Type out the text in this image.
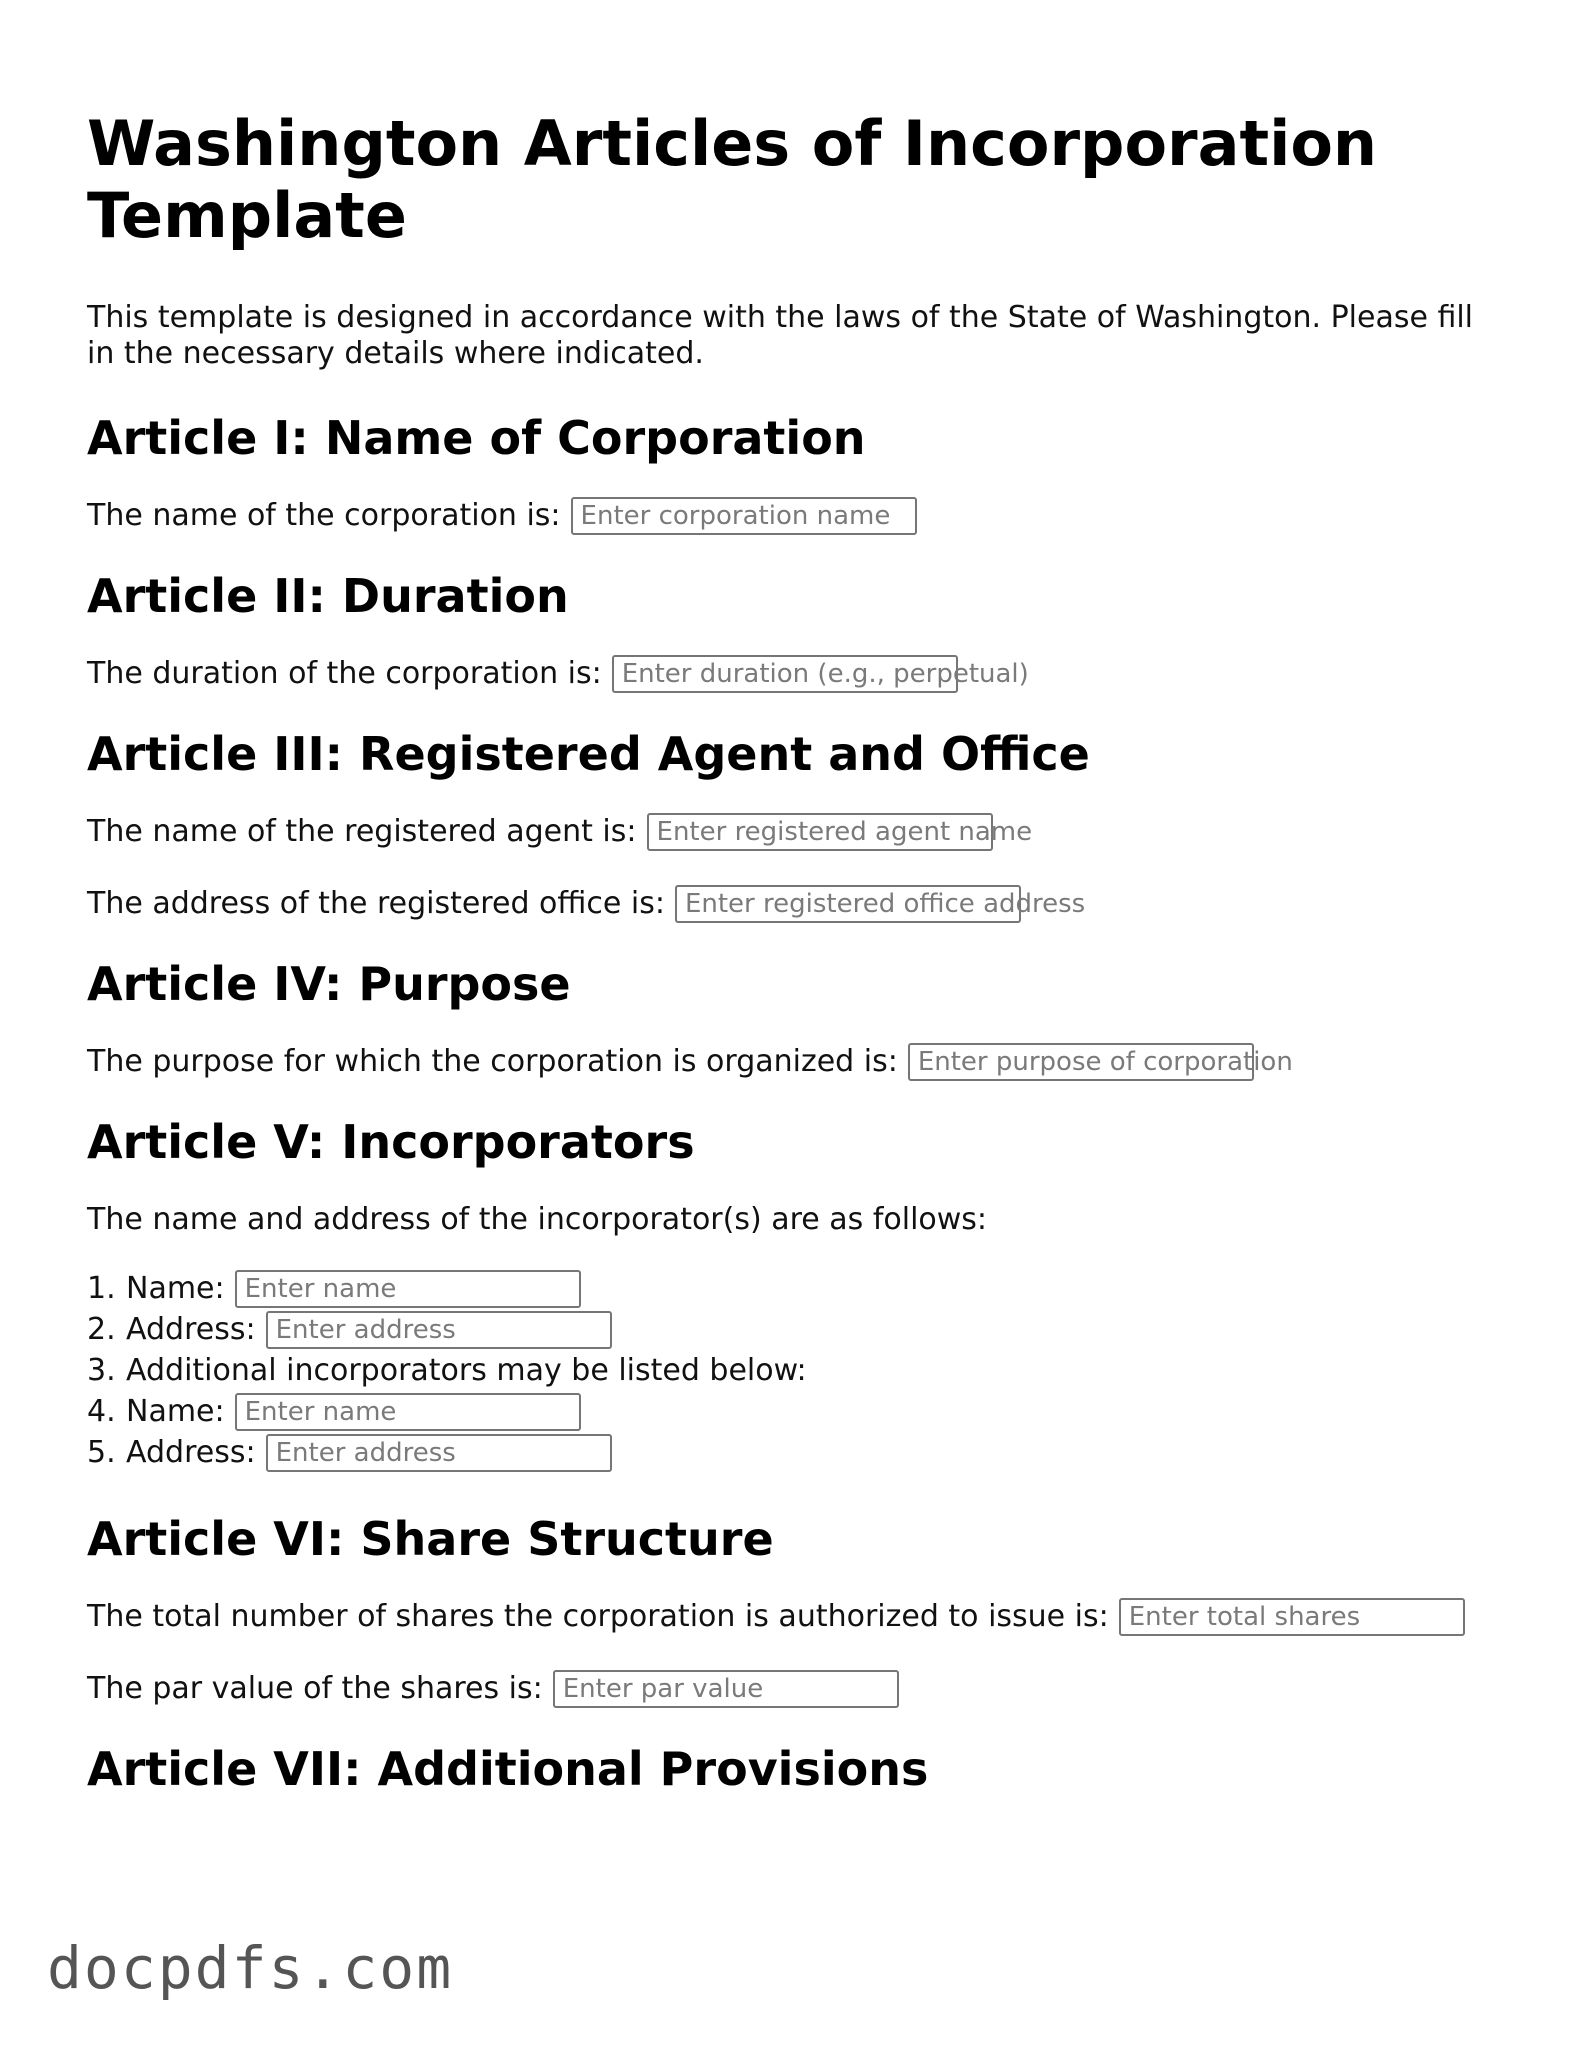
Washington Articles of Incorporation Template

This template is designed in accordance with the laws of the State of Washington. Please fill in the necessary details where indicated.

Article I: Name of Corporation
The name of the corporation is: Enter corporation name
Article II: Duration
The duration of the corporation is: Enter duration (e.g., perpetual)
Article III: Registered Agent and Office
The name of the registered agent is: Enter registered agent name
The address of the registered office is: Enter registered office address
Article IV: Purpose
The purpose for which the corporation is organized is: Enter purpose of corporation
Article V: Incorporators
The name and address of the incorporator(s) are as follows:
1. Name: Enter name
2. Address: Enter address
3. Additional incorporators may be listed below:
4. Name: Enter name
5. Address: Enter address
Article VI: Share Structure
The total number of shares the corporation is authorized to issue is: Enter total shares
The par value of the shares is: Enter par value
Article VII: Additional Provisions
docpdfs.com
